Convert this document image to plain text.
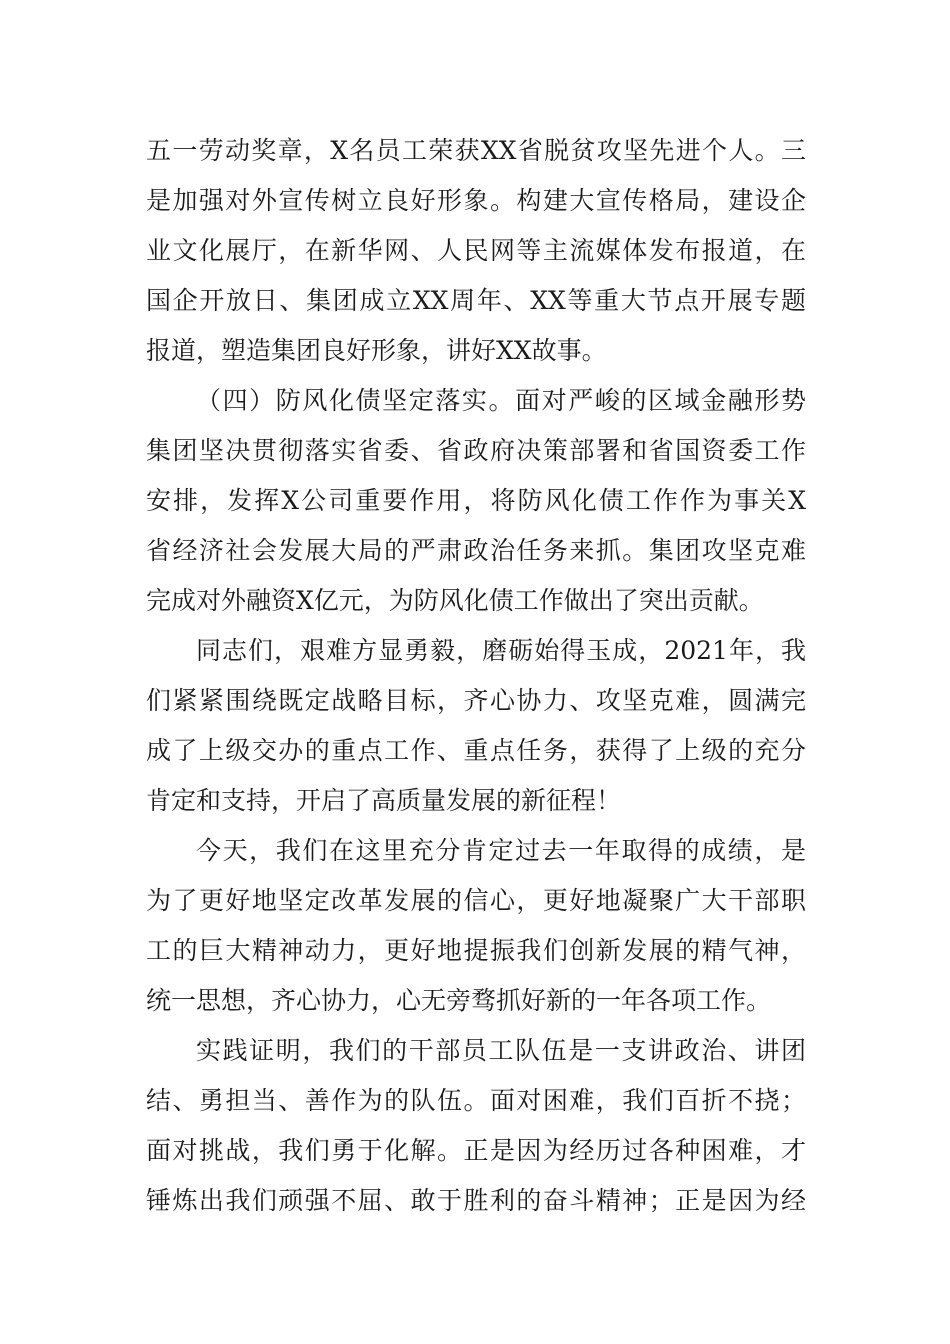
五一劳动奖章，X名员工荣获XX省脱贫攻坚先进个人。三
是加强对外宣传树立良好形象。构建大宣传格局，建设企
业文化展厅，在新华网、人民网等主流媒体发布报道，在
国企开放日、集团成立XX周年、XX等重大节点开展专题
报道，塑造集团良好形象，讲好XX故事。
（四）防风化债坚定落实。面对严峻的区域金融形势
集团坚决贯彻落实省委、省政府决策部署和省国资委工作
安排，发挥X公司重要作用，将防风化债工作作为事关X
省经济社会发展大局的严肃政治任务来抓。集团攻坚克难
完成对外融资X亿元，为防风化债工作做出了突出贡献。
同志们，艰难方显勇毅，磨砺始得玉成，2021年，我
们紧紧围绕既定战略目标，齐心协力、攻坚克难，圆满完
成了上级交办的重点工作、重点任务，获得了上级的充分
肯定和支持，开启了高质量发展的新征程！
今天，我们在这里充分肯定过去一年取得的成绩，是
为了更好地坚定改革发展的信心，更好地凝聚广大干部职
工的巨大精神动力，更好地提振我们创新发展的精气神，
统一思想，齐心协力，心无旁骛抓好新的一年各项工作。
实践证明，我们的干部员工队伍是一支讲政治、讲团
结、勇担当、善作为的队伍。面对困难，我们百折不挠；
面对挑战，我们勇于化解。正是因为经历过各种困难，才
锤炼出我们顽强不屈、敢于胜利的奋斗精神；正是因为经
